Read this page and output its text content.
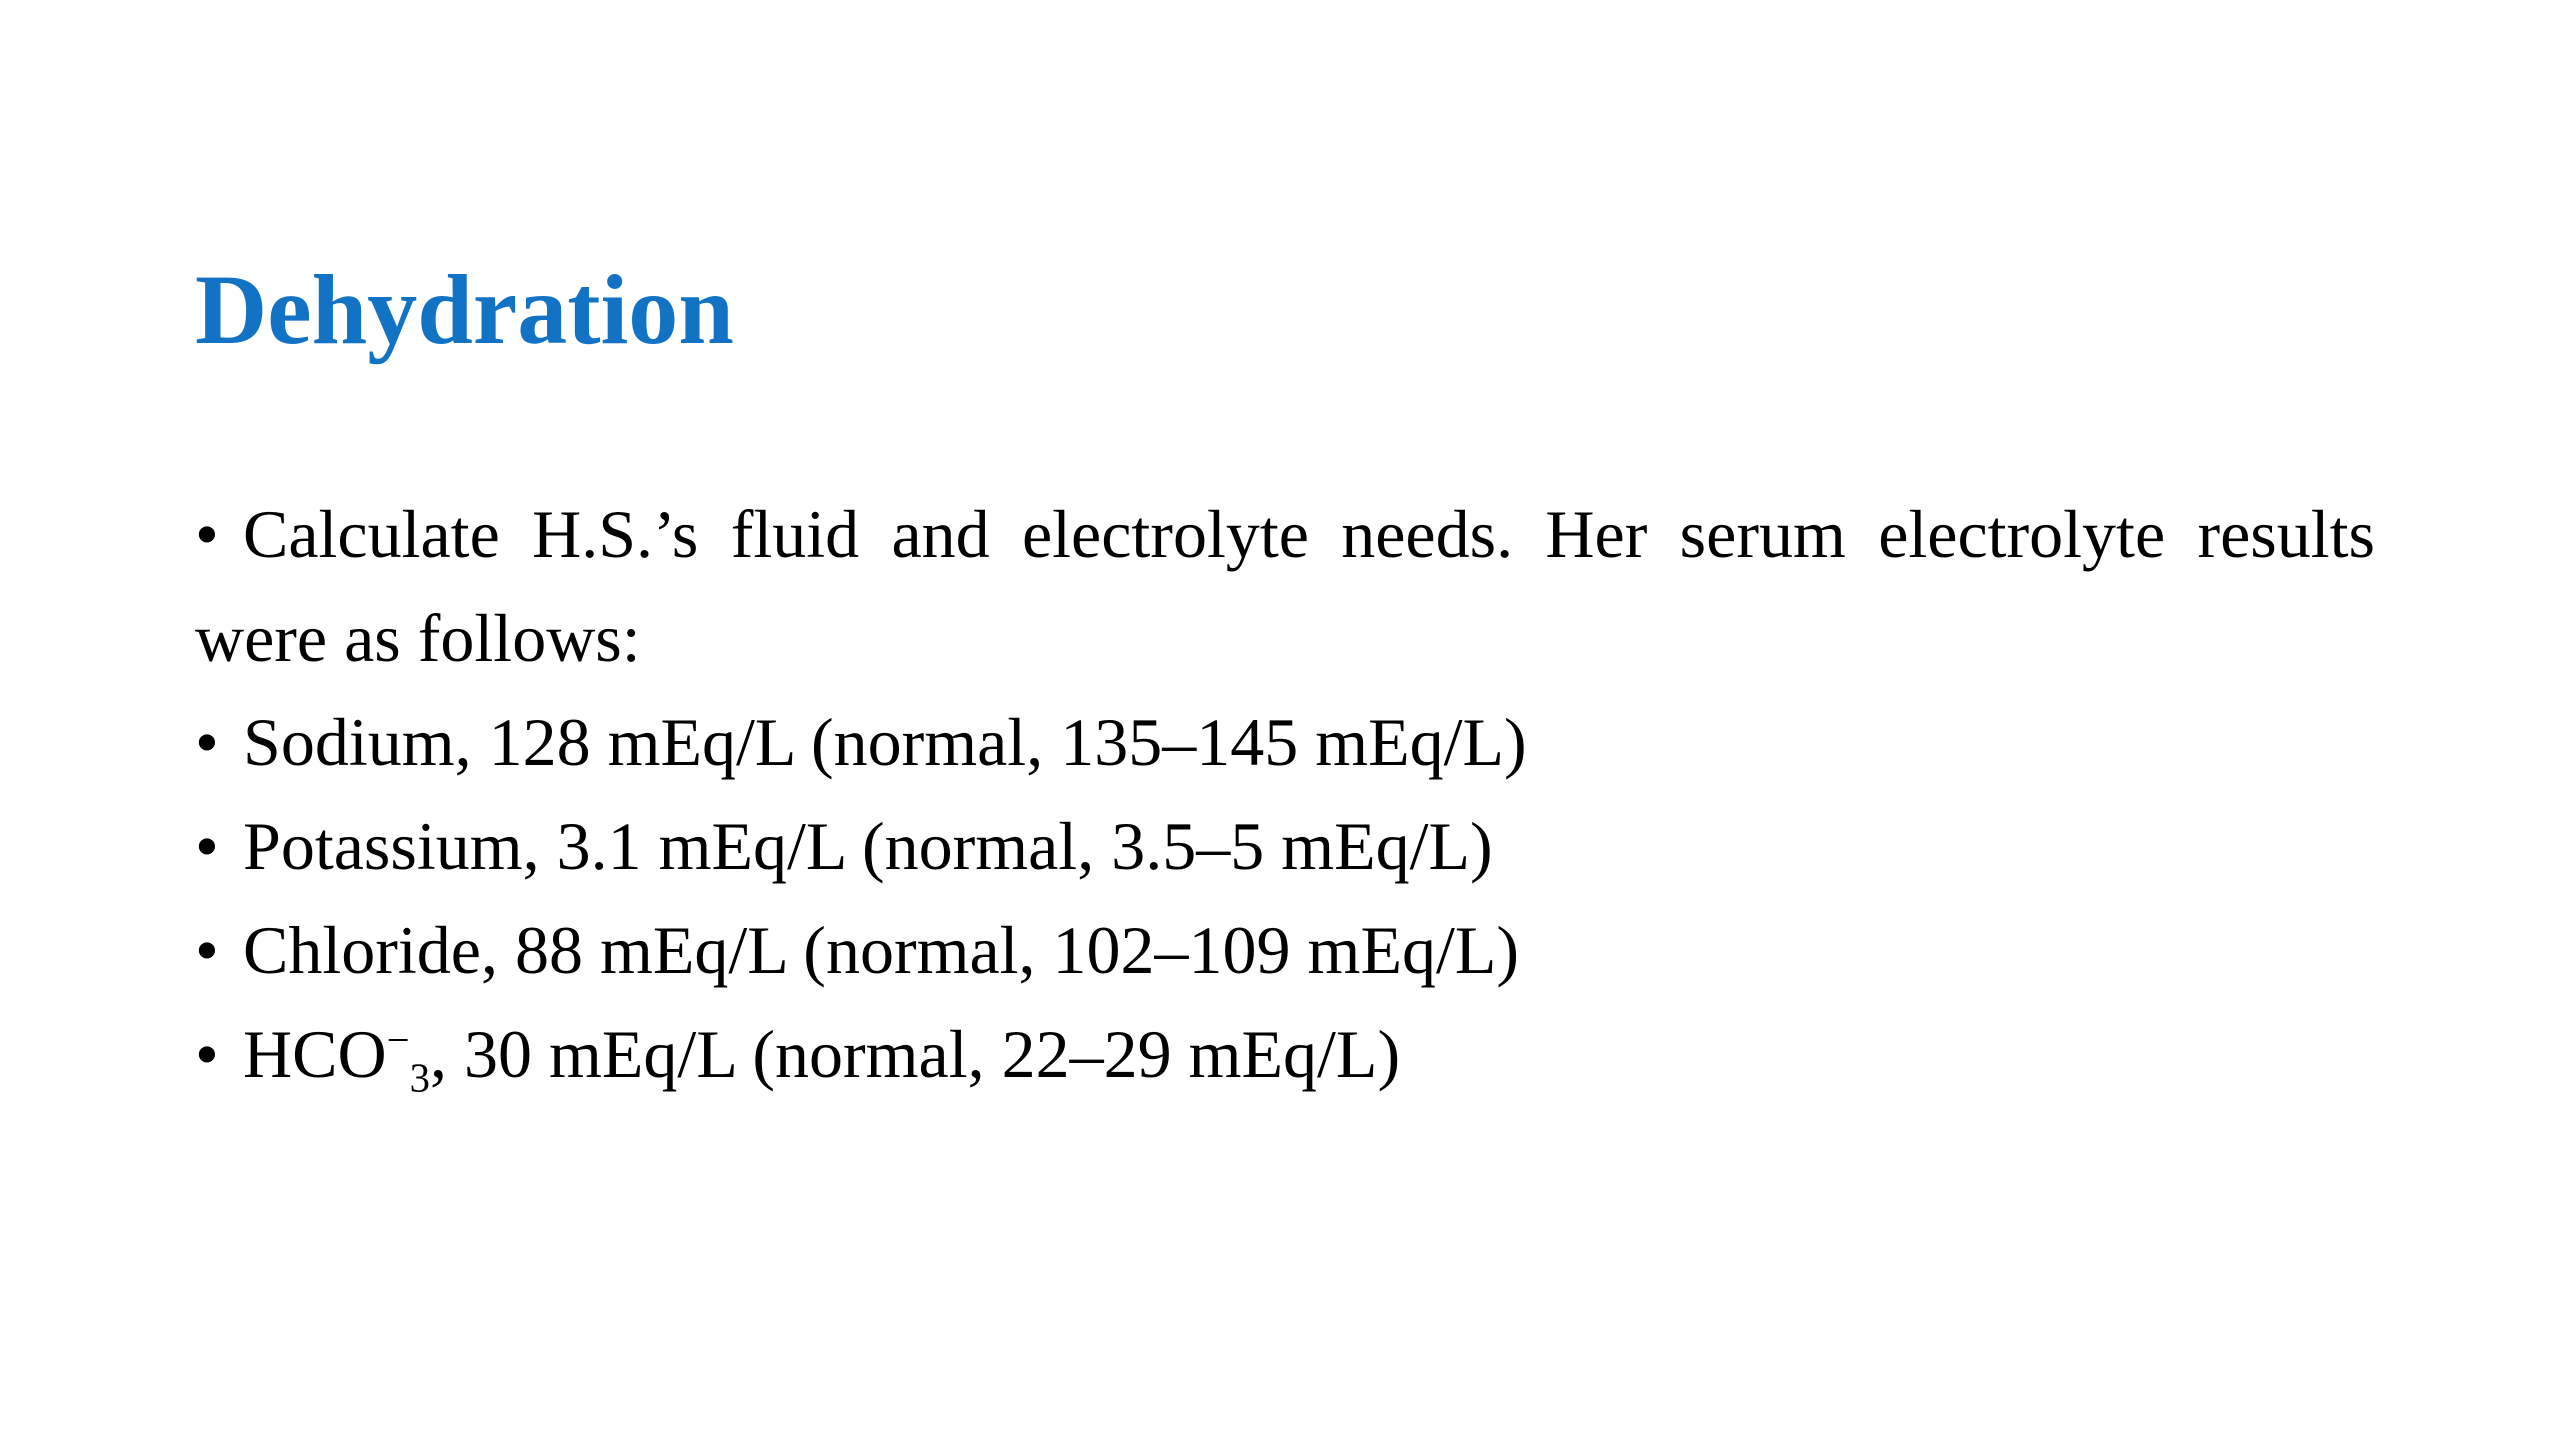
Dehydration

• Calculate H.S.’s fluid and electrolyte needs. Her serum electrolyte results were as follows:

• Sodium, 128 mEq/L (normal, 135–145 mEq/L)

• Potassium, 3.1 mEq/L (normal, 3.5–5 mEq/L)

• Chloride, 88 mEq/L (normal, 102–109 mEq/L)

• $HCO^-_3$, 30 mEq/L (normal, 22–29 mEq/L)
